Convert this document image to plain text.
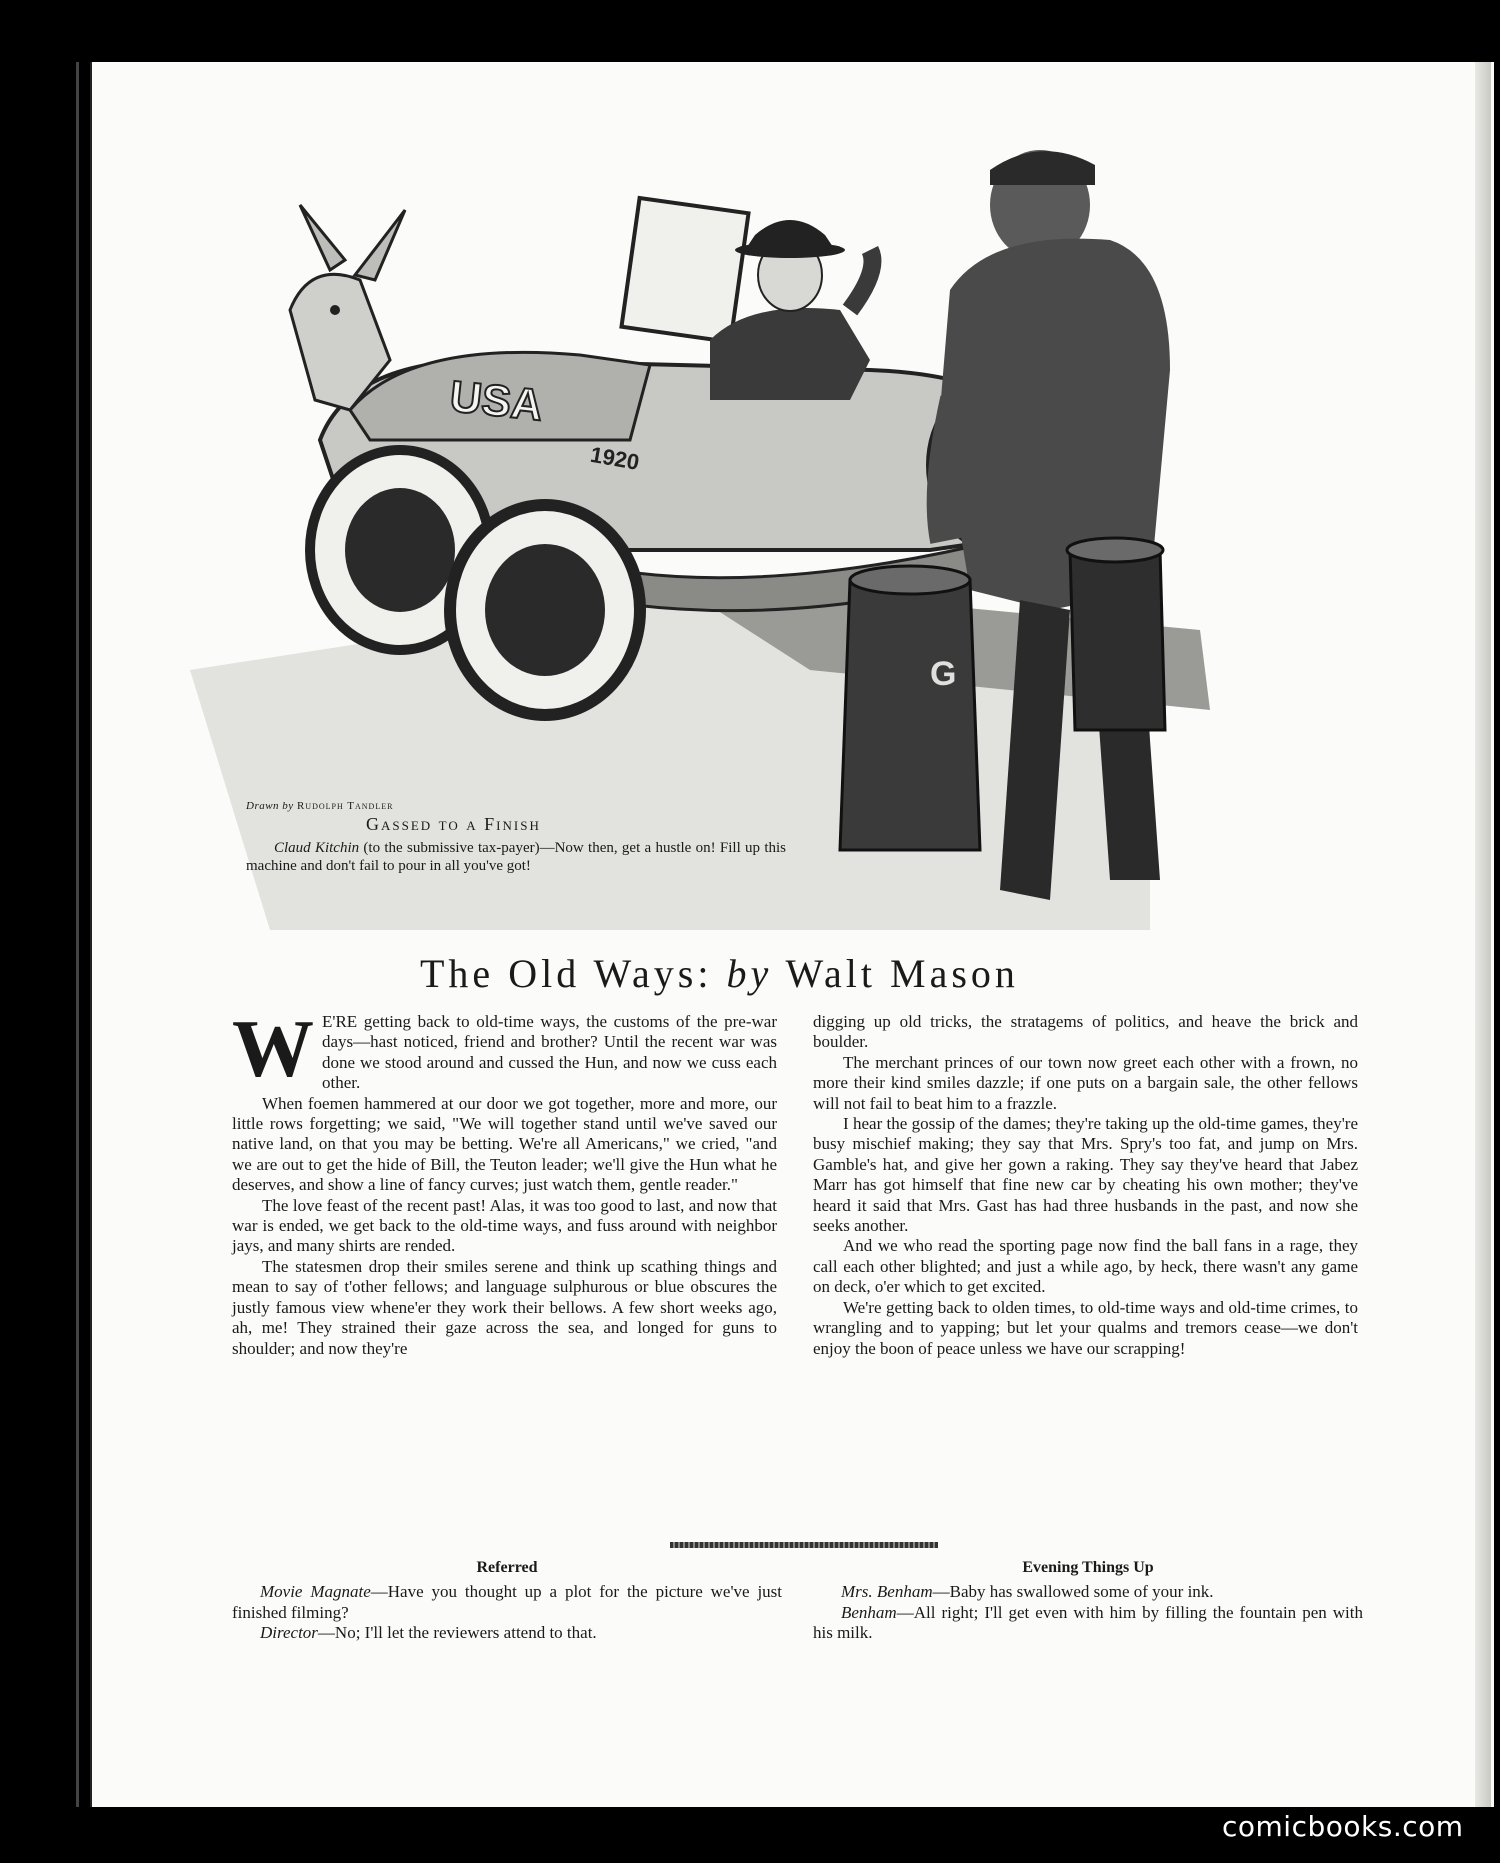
USA
1920
G

Drawn by Rudolph Tandler

Gassed to a Finish

Claud Kitchin (to the submissive tax-payer)—Now then, get a hustle on! Fill up this machine and don't fail to pour in all you've got!

The Old Ways: by Walt Mason

W E'RE getting back to old-time ways, the customs of the pre-war days—hast noticed, friend and brother? Until the recent war was done we stood around and cussed the Hun, and now we cuss each other.

When foemen hammered at our door we got together, more and more, our little rows forgetting; we said, "We will together stand until we've saved our native land, on that you may be betting. We're all Americans," we cried, "and we are out to get the hide of Bill, the Teuton leader; we'll give the Hun what he deserves, and show a line of fancy curves; just watch them, gentle reader."

The love feast of the recent past! Alas, it was too good to last, and now that war is ended, we get back to the old-time ways, and fuss around with neighbor jays, and many shirts are rended.

The statesmen drop their smiles serene and think up scathing things and mean to say of t'other fellows; and language sulphurous or blue obscures the justly famous view whene'er they work their bellows. A few short weeks ago, ah, me! They strained their gaze across the sea, and longed for guns to shoulder; and now they're

digging up old tricks, the stratagems of politics, and heave the brick and boulder.

The merchant princes of our town now greet each other with a frown, no more their kind smiles dazzle; if one puts on a bargain sale, the other fellows will not fail to beat him to a frazzle.

I hear the gossip of the dames; they're taking up the old-time games, they're busy mischief making; they say that Mrs. Spry's too fat, and jump on Mrs. Gamble's hat, and give her gown a raking. They say they've heard that Jabez Marr has got himself that fine new car by cheating his own mother; they've heard it said that Mrs. Gast has had three husbands in the past, and now she seeks another.

And we who read the sporting page now find the ball fans in a rage, they call each other blighted; and just a while ago, by heck, there wasn't any game on deck, o'er which to get excited.

We're getting back to olden times, to old-time ways and old-time crimes, to wrangling and to yapping; but let your qualms and tremors cease—we don't enjoy the boon of peace unless we have our scrapping!

Referred

Movie Magnate—Have you thought up a plot for the picture we've just finished filming?

Director—No; I'll let the reviewers attend to that.

Evening Things Up

Mrs. Benham—Baby has swallowed some of your ink.

Benham—All right; I'll get even with him by filling the fountain pen with his milk.

comicbooks.com
